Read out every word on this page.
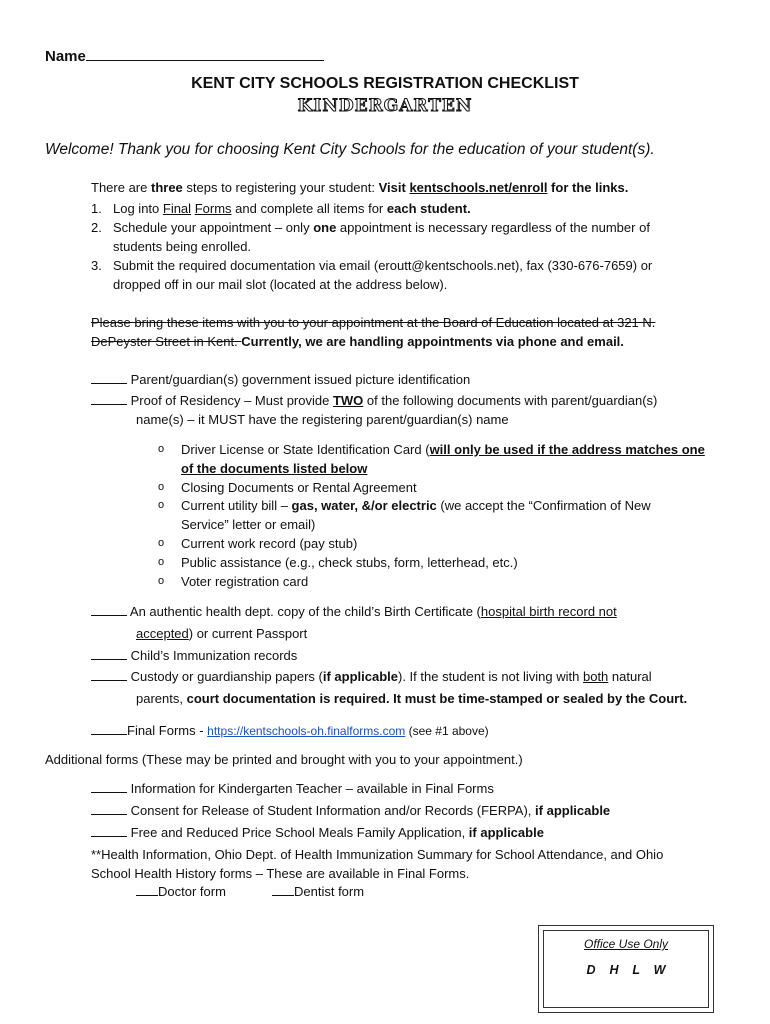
Name
KENT CITY SCHOOLS REGISTRATION CHECKLIST
KINDERGARTEN
Welcome! Thank you for choosing Kent City Schools for the education of your student(s).
There are three steps to registering your student: Visit kentschools.net/enroll for the links.
1. Log into Final Forms and complete all items for each student.
2. Schedule your appointment – only one appointment is necessary regardless of the number of
students being enrolled.
3. Submit the required documentation via email (eroutt@kentschools.net), fax (330-676-7659) or
dropped off in our mail slot (located at the address below).
Please bring these items with you to your appointment at the Board of Education located at 321 N.
DePeyster Street in Kent. Currently, we are handling appointments via phone and email.
Parent/guardian(s) government issued picture identification
Proof of Residency – Must provide TWO of the following documents with parent/guardian(s)
name(s) – it MUST have the registering parent/guardian(s) name
o Driver License or State Identification Card (will only be used if the address matches one
of the documents listed below
o Closing Documents or Rental Agreement
o Current utility bill – gas, water, &/or electric (we accept the “Confirmation of New
Service” letter or email)
o Current work record (pay stub)
o Public assistance (e.g., check stubs, form, letterhead, etc.)
o Voter registration card
An authentic health dept. copy of the child’s Birth Certificate (hospital birth record not
accepted) or current Passport
Child’s Immunization records
Custody or guardianship papers (if applicable). If the student is not living with both natural
parents, court documentation is required. It must be time-stamped or sealed by the Court.
Final Forms - https://kentschools-oh.finalforms.com (see #1 above)
Additional forms (These may be printed and brought with you to your appointment.)
Information for Kindergarten Teacher – available in Final Forms
Consent for Release of Student Information and/or Records (FERPA), if applicable
Free and Reduced Price School Meals Family Application, if applicable
**Health Information, Ohio Dept. of Health Immunization Summary for School Attendance, and Ohio
School Health History forms – These are available in Final Forms.
Doctor form	Dentist form
Office Use Only
D    H    L    W
